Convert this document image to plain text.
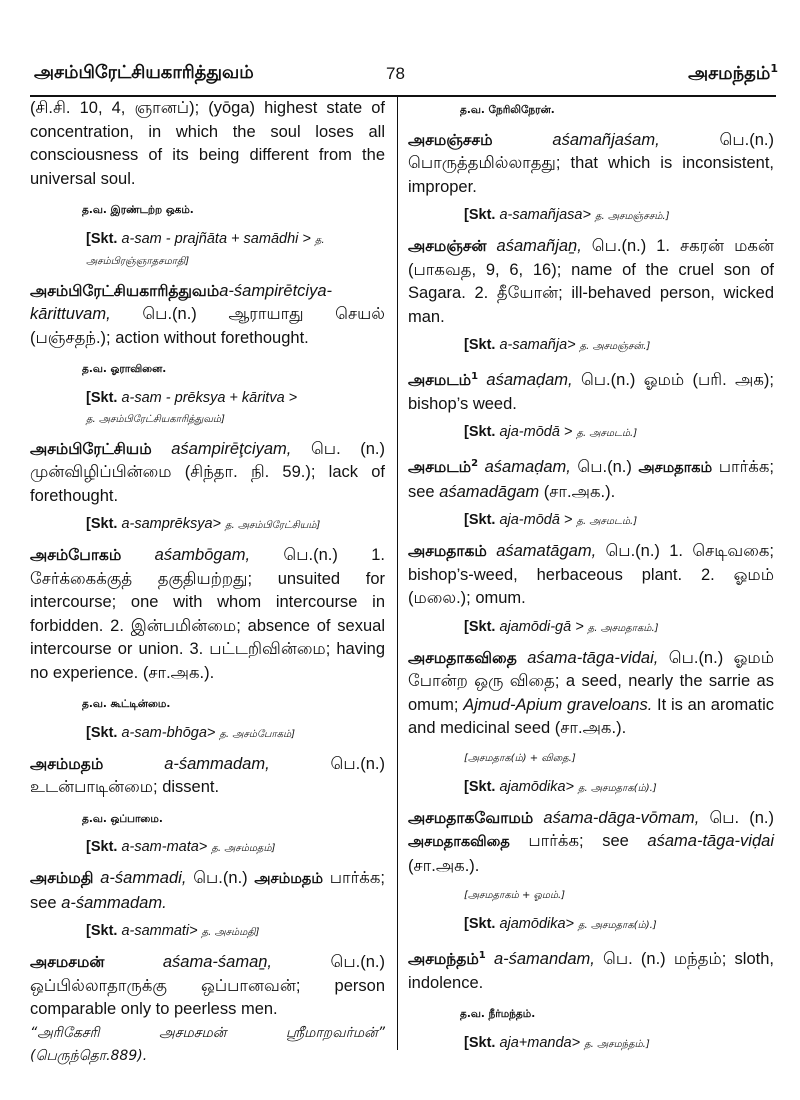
அசம்பிரேட்சியகாரித்துவம்	78	அசமந்தம்$^1$
(சி.சி. 10, 4, ஞானப்); (yōga) highest state of concentration, in which the soul loses all consciousness of its being different from the universal soul.
த.வ. இரண்டற்ற ஒகம்.
[Skt. a-sam - prajñāta + samādhi > த.
அசம்பிரஞ்ஞாதசமாதி]
அசம்பிரேட்சியகாரித்துவம்a-śampirētciya-kārittuvam, பெ.(n.) ஆராயாது செயல் (பஞ்சதந்.); action without forethought.
த.வ. ஓராவினை.
[Skt. a-sam - prēksya + kāritva >
த. அசம்பிரேட்சியகாரித்துவம்]
அசம்பிரேட்சியம் aśampirēţciyam, பெ. (n.) முன்விழிப்பின்மை (சிந்தா. நி. 59.); lack of forethought.
[Skt. a-samprēksya> த. அசம்பிரேட்சியம்]
அசம்போகம் aśambōgam, பெ.(n.) 1. சேர்க்கைக்குத் தகுதியற்றது; unsuited for intercourse; one with whom intercourse in forbidden. 2. இன்பமின்மை; absence of sexual intercourse or union. 3. பட்டறிவின்மை; having no experience. (சா.அக.).
த.வ. கூட்டின்மை.
[Skt. a-sam-bhōga> த. அசம்போகம்]
அசம்மதம்	a-śammadam,	பெ.(n.) உடன்பாடின்மை; dissent.
த.வ. ஒப்பாமை.
[Skt. a-sam-mata> த. அசம்மதம்]
அசம்மதி a-śammadi, பெ.(n.) அசம்மதம் பார்க்க; see a-śammadam.
[Skt. a-sammati> த. அசம்மதி]
அசமசமன்	aśama-śamaṉ,	பெ.(n.) ஒப்பில்லாதாருக்கு ஒப்பானவன்; person comparable only to peerless men.
“அரிகேசரி அசமசமன் ஸ்ரீமாறவர்மன்” (பெருந்தொ.889).
த.வ. நேரிலிநேரன்.
அசமஞ்சசம்	aśamañjaśam,	பெ.(n.) பொருத்தமில்லாதது; that which is inconsistent, improper.
[Skt. a-samañjasa> த. அசமஞ்சசம்.]
அசமஞ்சன் aśamañjaṉ, பெ.(n.) 1. சகரன் மகன் (பாகவத, 9, 6, 16); name of the cruel son of Sagara. 2. தீயோன்; ill-behaved person, wicked man.
[Skt. a-samañja> த. அசமஞ்சன்.]
அசமடம்$^1$ aśamaḍam, பெ.(n.) ஓமம் (பரி. அக); bishop’s weed.
[Skt. aja-mōdā > த. அசமடம்.]
அசமடம்$^2$ aśamaḍam, பெ.(n.) அசமதாகம் பார்க்க; see aśamadāgam (சா.அக.).
[Skt. aja-mōdā > த. அசமடம்.]
அசமதாகம் aśamatāgam, பெ.(n.) 1. செடிவகை; bishop’s-weed, herbaceous plant. 2. ஓமம் (மலை.); omum.
[Skt. ajamōdi-gā > த. அசமதாகம்.]
அசமதாகவிதை aśama-tāga-vidai, பெ.(n.) ஓமம் போன்ற ஒரு விதை; a seed, nearly the sarrie as omum; Ajmud-Apium graveloans. It is an aromatic and medicinal seed (சா.அக.).
[அசமதாக(ம்) + விதை.]
[Skt. ajamōdika> த. அசமதாக(ம்).]
அசமதாகவோமம் aśama-dāga-vōmam, பெ. (n.) அசமதாகவிதை பார்க்க; see aśama-tāga-viḍai (சா.அக.).
[அசமதாகம் + ஓமம்.]
[Skt. ajamōdika> த. அசமதாக(ம்).]
அசமந்தம்$^1$ a-śamandam, பெ. (n.) மந்தம்; sloth, indolence.
த.வ. நீர்மந்தம்.
[Skt. aja+manda> த. அசமந்தம்.]
